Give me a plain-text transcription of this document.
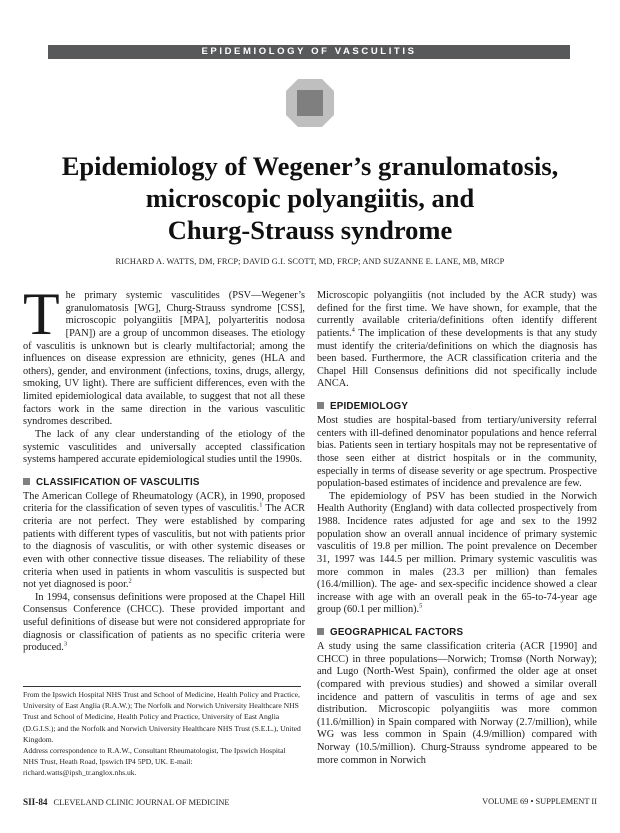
EPIDEMIOLOGY OF VASCULITIS
Epidemiology of Wegener’s granulomatosis,
microscopic polyangiitis, and
Churg-Strauss syndrome

RICHARD A. WATTS, DM, FRCP; DAVID G.I. SCOTT, MD, FRCP; AND SUZANNE E. LANE, MB, MRCP

The primary systemic vasculitides (PSV—Wegener’s granulomatosis [WG], Churg-Strauss syndrome [CSS], microscopic polyangiitis [MPA], polyarteritis nodosa [PAN]) are a group of uncommon diseases. The etiology of vasculitis is unknown but is clearly multifactorial; among the influences on disease expression are ethnicity, genes (HLA and others), gender, and environment (infections, toxins, drugs, allergy, smoking, UV light). There are sufficient differences, even with the limited epidemiological data available, to suggest that not all these factors work in the same direction in the various vasculitic syndromes described.

The lack of any clear understanding of the etiology of the systemic vasculitides and universally accepted classification systems hampered accurate epidemiological studies until the 1990s.

CLASSIFICATION OF VASCULITIS

The American College of Rheumatology (ACR), in 1990, proposed criteria for the classification of seven types of vasculitis.$^1$ The ACR criteria are not perfect. They were established by comparing patients with different types of vasculitis, but not with patients prior to the diagnosis of vasculitis, or with other systemic diseases or even with other connective tissue diseases. The reliability of these criteria when used in patients in whom vasculitis is suspected but not yet diagnosed is poor.$^2$

In 1994, consensus definitions were proposed at the Chapel Hill Consensus Conference (CHCC). These provided important and useful definitions of disease but were not considered appropriate for diagnosis or classification of patients as no specific criteria were produced.$^3$

From the Ipswich Hospital NHS Trust and School of Medicine, Health Policy and Practice, University of East Anglia (R.A.W.); The Norfolk and Norwich University Healthcare NHS Trust and School of Medicine, Health Policy and Practice, University of East Anglia (D.G.I.S.); and the Norfolk and Norwich University Healthcare NHS Trust (S.E.L.), United Kingdom.
Address correspondence to R.A.W., Consultant Rheumatologist, The Ipswich Hospital NHS Trust, Heath Road, Ipswich IP4 5PD, UK. E-mail: richard.watts@ipsh_tr.anglox.nhs.uk.

Microscopic polyangiitis (not included by the ACR study) was defined for the first time. We have shown, for example, that the currently available criteria/definitions often identify different patients.$^4$ The implication of these developments is that any study must identify the criteria/definitions on which the diagnosis has been based. Furthermore, the ACR classification criteria and the Chapel Hill Consensus definitions did not specifically include ANCA.

EPIDEMIOLOGY

Most studies are hospital-based from tertiary/university referral centers with ill-defined denominator populations and hence referral bias. Patients seen in tertiary hospitals may not be representative of those seen either at district hospitals or in the community, especially in terms of disease severity or age spectrum. Prospective population-based estimates of incidence and prevalence are few.

The epidemiology of PSV has been studied in the Norwich Health Authority (England) with data collected prospectively from 1988. Incidence rates adjusted for age and sex to the 1992 population show an overall annual incidence of primary systemic vasculitis of 19.8 per million. The point prevalence on December 31, 1997 was 144.5 per million. Primary systemic vasculitis was more common in males (23.3 per million) than females (16.4/million). The age- and sex-specific incidence showed a clear increase with age with an overall peak in the 65-to-74-year age group (60.1 per million).$^5$

GEOGRAPHICAL FACTORS

A study using the same classification criteria (ACR [1990] and CHCC) in three populations—Norwich; Tromsø (North Norway); and Lugo (North-West Spain), confirmed the older age at onset (compared with previous studies) and showed a similar overall incidence and pattern of vasculitis in terms of age and sex distribution. Microscopic polyangiitis was more common (11.6/million) in Spain compared with Norway (2.7/million), while WG was less common in Spain (4.9/million) compared with Norway (10.5/million). Churg-Strauss syndrome appeared to be more common in Norwich

SII-84 CLEVELAND CLINIC JOURNAL OF MEDICINE	VOLUME 69 • SUPPLEMENT II
